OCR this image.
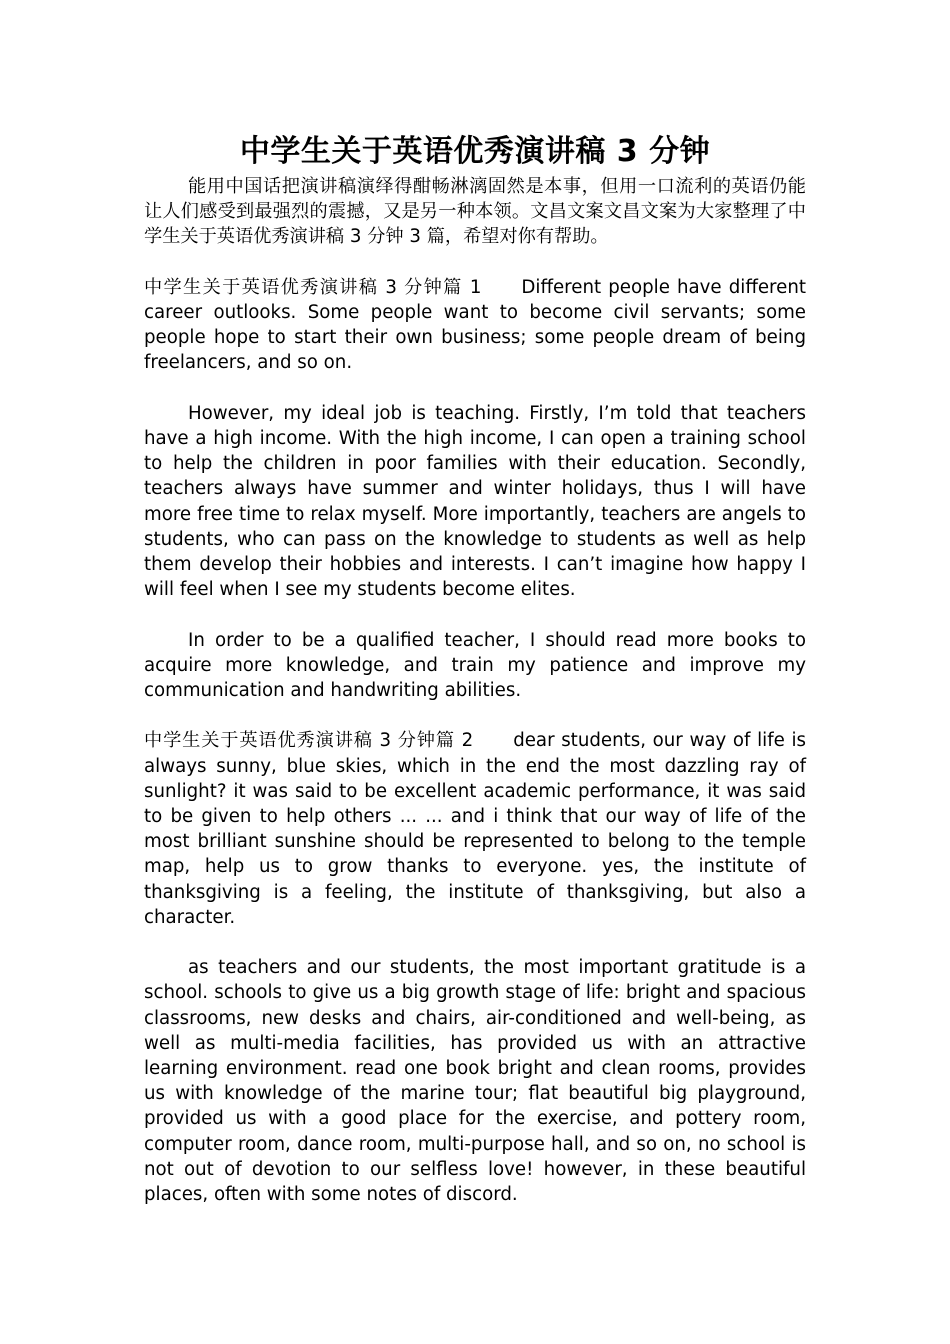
中学生关于英语优秀演讲稿 3 分钟

能用中国话把演讲稿演绎得酣畅淋漓固然是本事，但用一口流利的英语仍能让人们感受到最强烈的震撼，又是另一种本领。文昌文案文昌文案为大家整理了中学生关于英语优秀演讲稿 3 分钟 3 篇，希望对你有帮助。

中学生关于英语优秀演讲稿 3 分钟篇 1 Different people have different career outlooks. Some people want to become civil servants; some people hope to start their own business; some people dream of being freelancers, and so on.

However, my ideal job is teaching. Firstly, I’m told that teachers have a high income. With the high income, I can open a training school to help the children in poor families with their education. Secondly, teachers always have summer and winter holidays, thus I will have more free time to relax myself. More importantly, teachers are angels to students, who can pass on the knowledge to students as well as help them develop their hobbies and interests. I can’t imagine how happy I will feel when I see my students become elites.

In order to be a qualified teacher, I should read more books to acquire more knowledge, and train my patience and improve my communication and handwriting abilities.

中学生关于英语优秀演讲稿 3 分钟篇 2 dear students, our way of life is always sunny, blue skies, which in the end the most dazzling ray of sunlight? it was said to be excellent academic performance, it was said to be given to help others ... ... and i think that our way of life of the most brilliant sunshine should be represented to belong to the temple map, help us to grow thanks to everyone. yes, the institute of thanksgiving is a feeling, the institute of thanksgiving, but also a character.

as teachers and our students, the most important gratitude is a school. schools to give us a big growth stage of life: bright and spacious classrooms, new desks and chairs, air-conditioned and well-being, as well as multi-media facilities, has provided us with an attractive learning environment. read one book bright and clean rooms, provides us with knowledge of the marine tour; flat beautiful big playground, provided us with a good place for the exercise, and pottery room, computer room, dance room, multi-purpose hall, and so on, no school is not out of devotion to our selfless love! however, in these beautiful places, often with some notes of discord.
